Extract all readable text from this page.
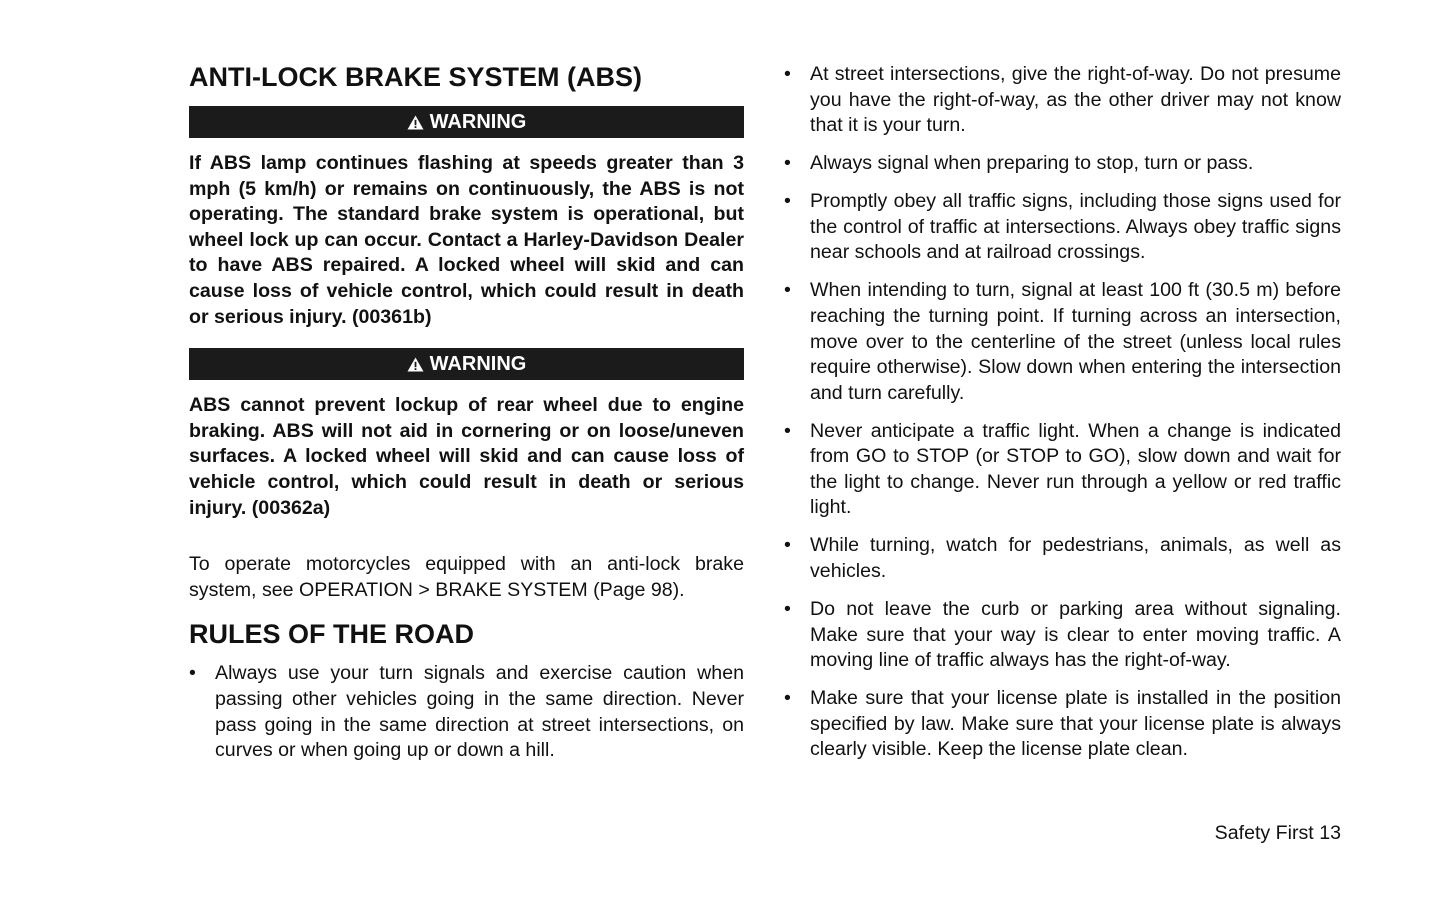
ANTI-LOCK BRAKE SYSTEM (ABS)
WARNING

If ABS lamp continues flashing at speeds greater than 3 mph (5 km/h) or remains on continuously, the ABS is not operating. The standard brake system is operational, but wheel lock up can occur. Contact a Harley-Davidson Dealer to have ABS repaired. A locked wheel will skid and can cause loss of vehicle control, which could result in death or serious injury. (00361b)

WARNING

ABS cannot prevent lockup of rear wheel due to engine braking. ABS will not aid in cornering or on loose/uneven surfaces. A locked wheel will skid and can cause loss of vehicle control, which could result in death or serious injury. (00362a)

To operate motorcycles equipped with an anti-lock brake system, see OPERATION > BRAKE SYSTEM (Page 98).

RULES OF THE ROAD
• Always use your turn signals and exercise caution when passing other vehicles going in the same direction. Never pass going in the same direction at street intersections, on curves or when going up or down a hill.
• At street intersections, give the right-of-way. Do not presume you have the right-of-way, as the other driver may not know that it is your turn.
• Always signal when preparing to stop, turn or pass.
• Promptly obey all traffic signs, including those signs used for the control of traffic at intersections. Always obey traffic signs near schools and at railroad crossings.
• When intending to turn, signal at least 100 ft (30.5 m) before reaching the turning point. If turning across an intersection, move over to the centerline of the street (unless local rules require otherwise). Slow down when entering the intersection and turn carefully.
• Never anticipate a traffic light. When a change is indicated from GO to STOP (or STOP to GO), slow down and wait for the light to change. Never run through a yellow or red traffic light.
• While turning, watch for pedestrians, animals, as well as vehicles.
• Do not leave the curb or parking area without signaling. Make sure that your way is clear to enter moving traffic. A moving line of traffic always has the right-of-way.
• Make sure that your license plate is installed in the position specified by law. Make sure that your license plate is always clearly visible. Keep the license plate clean.
Safety First 13
